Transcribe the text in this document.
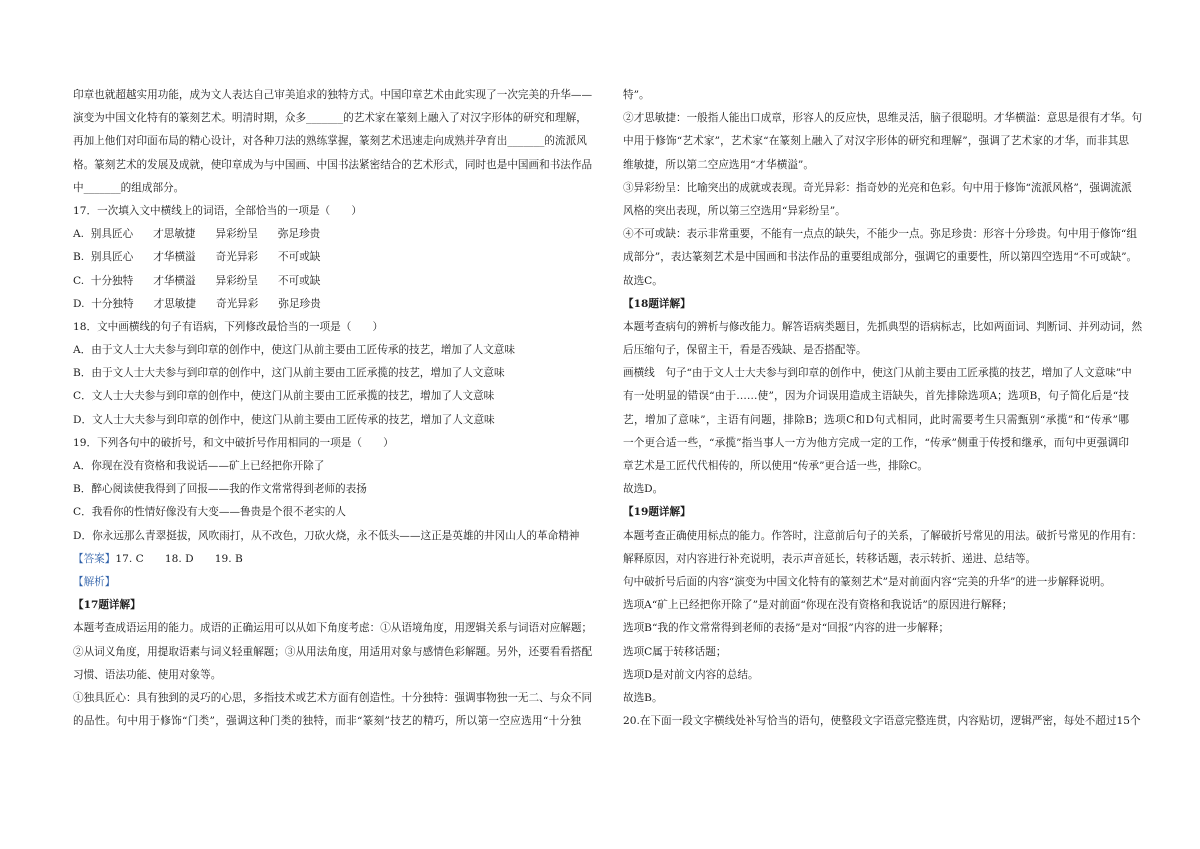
印章也就超越实用功能，成为文人表达自己审美追求的独特方式。中国印章艺术由此实现了一次完美的升华——
演变为中国文化特有的篆刻艺术。明清时期，众多_______的艺术家在篆刻上融入了对汉字形体的研究和理解，
再加上他们对印面布局的精心设计，对各种刀法的熟练掌握，篆刻艺术迅速走向成熟并孕育出_______的流派风
格。篆刻艺术的发展及成就，使印章成为与中国画、中国书法紧密结合的艺术形式，同时也是中国画和书法作品
中_______的组成部分。
17．一次填入文中横线上的词语，全部恰当的一项是（　　）
A. 别具匠心 才思敏捷 异彩纷呈 弥足珍贵
B. 别具匠心 才华横溢 奇光异彩 不可或缺
C. 十分独特 才华横溢 异彩纷呈 不可或缺
D. 十分独特 才思敏捷 奇光异彩 弥足珍贵
18．文中画横线的句子有语病，下列修改最恰当的一项是（　　）
A．由于文人士大夫参与到印章的创作中，使这门从前主要由工匠传承的技艺，增加了人文意味
B．由于文人士大夫参与到印章的创作中，这门从前主要由工匠承揽的技艺，增加了人文意味
C．文人士大夫参与到印章的创作中，使这门从前主要由工匠承揽的技艺，增加了人文意味
D．文人士大夫参与到印章的创作中，使这门从前主要由工匠传承的技艺，增加了人文意味
19．下列各句中的破折号，和文中破折号作用相同的一项是（　　）
A．你现在没有资格和我说话——矿上已经把你开除了
B．醉心阅读使我得到了回报——我的作文常常得到老师的表扬
C．我看你的性情好像没有大变——鲁贵是个很不老实的人
D．你永远那么青翠挺拔，风吹雨打，从不改色，刀砍火烧，永不低头——这正是英雄的井冈山人的革命精神
【答案】17. C　　18. D　　19. B
【解析】
【17题详解】
本题考查成语运用的能力。成语的正确运用可以从如下角度考虑：①从语境角度，用逻辑关系与词语对应解题；
②从词义角度，用提取语素与词义轻重解题；③从用法角度，用适用对象与感情色彩解题。另外，还要看看搭配
习惯、语法功能、使用对象等。
①独具匠心：具有独到的灵巧的心思，多指技术或艺术方面有创造性。十分独特：强调事物独一无二、与众不同
的品性。句中用于修饰“门类”，强调这种门类的独特，而非“篆刻”技艺的精巧，所以第一空应选用“十分独
特”。
②才思敏捷：一般指人能出口成章，形容人的反应快，思维灵活，脑子很聪明。才华横溢：意思是很有才华。句
中用于修饰“艺术家”，艺术家“在篆刻上融入了对汉字形体的研究和理解”，强调了艺术家的才华，而非其思
维敏捷，所以第二空应选用“才华横溢”。
③异彩纷呈：比喻突出的成就或表现。奇光异彩：指奇妙的光亮和色彩。句中用于修饰“流派风格”，强调流派
风格的突出表现，所以第三空选用“异彩纷呈”。
④不可或缺：表示非常重要，不能有一点点的缺失，不能少一点。弥足珍贵：形容十分珍贵。句中用于修饰“组
成部分”，表达篆刻艺术是中国画和书法作品的重要组成部分，强调它的重要性，所以第四空选用“不可或缺”。
故选C。
【18题详解】
本题考查病句的辨析与修改能力。解答语病类题目，先抓典型的语病标志，比如两面词、判断词、并列动词，然
后压缩句子，保留主干，看是否残缺、是否搭配等。
画横线　句子“由于文人士大夫参与到印章的创作中，使这门从前主要由工匠承揽的技艺，增加了人文意味”中
有一处明显的错误“由于……使”，因为介词误用造成主语缺失，首先排除选项A；选项B，句子简化后是“技
艺，增加了意味”，主语有问题，排除B；选项C和D句式相同，此时需要考生只需甄别“承揽”和“传承”哪
一个更合适一些，“承揽”指当事人一方为他方完成一定的工作，“传承”侧重于传授和继承，而句中更强调印
章艺术是工匠代代相传的，所以使用“传承”更合适一些，排除C。
故选D。
【19题详解】
本题考查正确使用标点的能力。作答时，注意前后句子的关系，了解破折号常见的用法。破折号常见的作用有：
解释原因，对内容进行补充说明，表示声音延长，转移话题，表示转折、递进、总结等。
句中破折号后面的内容“演变为中国文化特有的篆刻艺术”是对前面内容“完美的升华”的进一步解释说明。
选项A“矿上已经把你开除了”是对前面“你现在没有资格和我说话”的原因进行解释；
选项B“我的作文常常得到老师的表扬”是对“回报”内容的进一步解释；
选项C属于转移话题；
选项D是对前文内容的总结。
故选B。
20.在下面一段文字横线处补写恰当的语句，使整段文字语意完整连贯，内容贴切，逻辑严密，每处不超过15个
